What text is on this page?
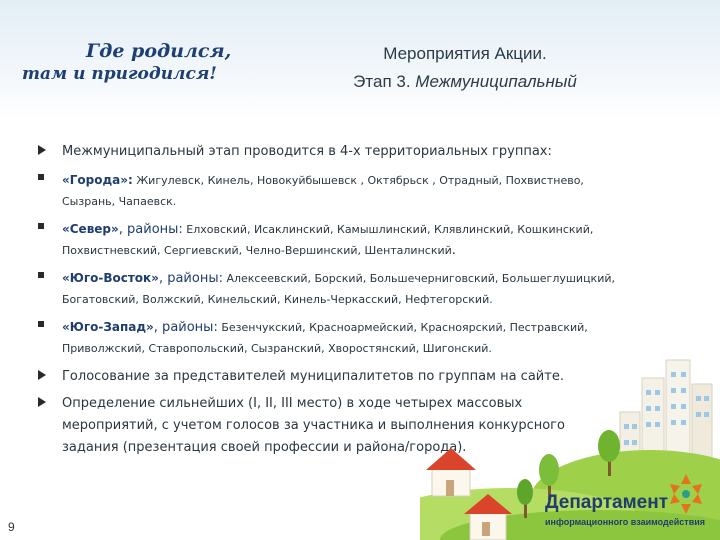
Где родился,
там и пригодился!
Мероприятия Акции.
Этап 3. Межмуниципальный
Межмуниципальный этап проводится в 4-х территориальных группах:
«Города»: Жигулевск, Кинель, Новокуйбышевск , Октябрьск , Отрадный, Похвистнево, Сызрань, Чапаевск.
«Север», районы: Елховский, Исаклинский, Камышлинский, Клявлинский, Кошкинский, Похвистневский, Сергиевский, Челно-Вершинский, Шенталинский.
«Юго-Восток», районы: Алексеевский, Борский, Большечерниговский, Большеглушицкий, Богатовский, Волжский, Кинельский, Кинель-Черкасский, Нефтегорский.
«Юго-Запад», районы: Безенчукский, Красноармейский, Красноярский, Пестравский, Приволжский, Ставропольский, Сызранский, Хворостянский, Шигонский.
Голосование за представителей муниципалитетов по группам на сайте.
Определение сильнейших (I, II, III место) в ходе четырех массовых мероприятий, с учетом голосов за участника и выполнения конкурсного задания (презентация своей профессии и района/города).
Департамент
информационного взаимодействия
9
